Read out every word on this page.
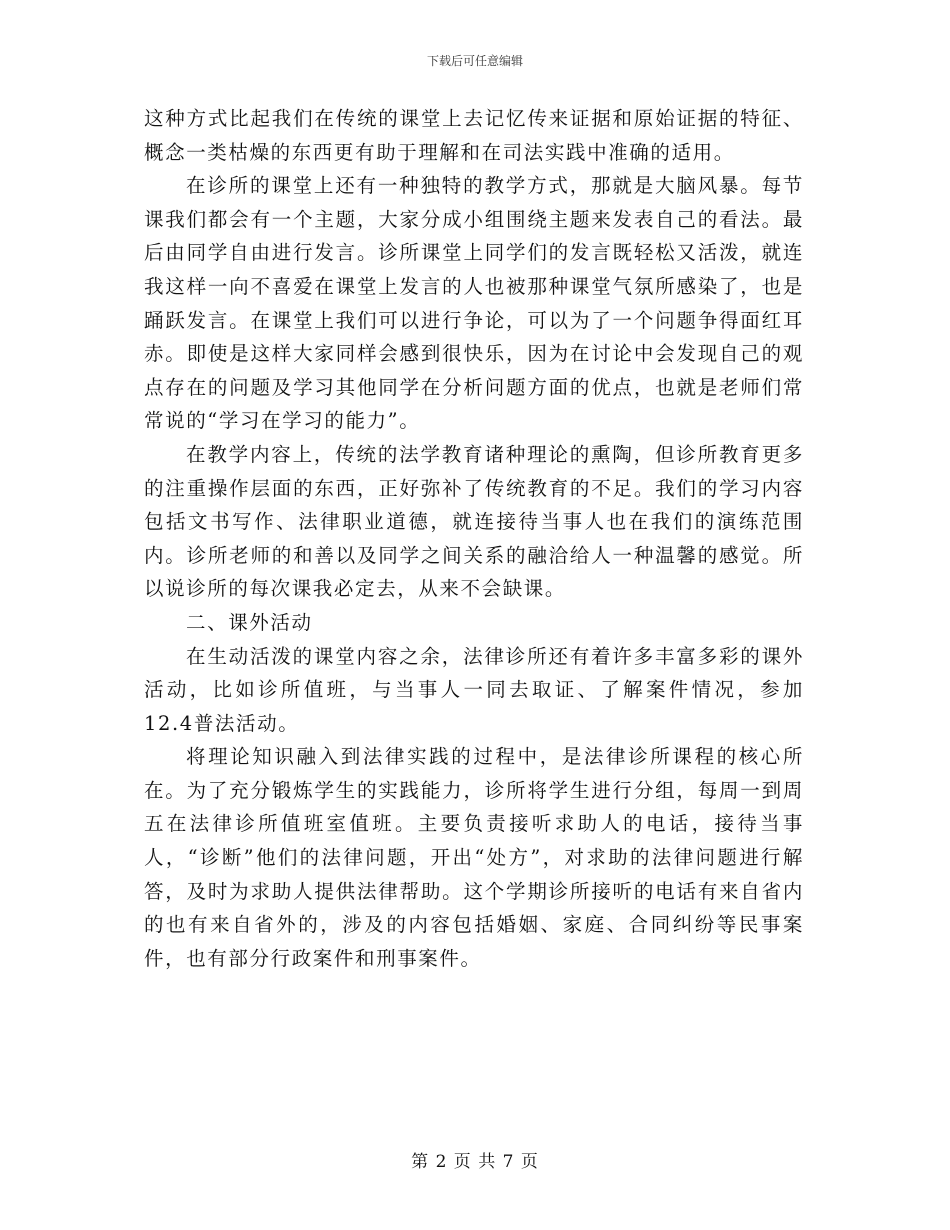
下载后可任意编辑

这种方式比起我们在传统的课堂上去记忆传来证据和原始证据的特征、概念一类枯燥的东西更有助于理解和在司法实践中准确的适用。

在诊所的课堂上还有一种独特的教学方式，那就是大脑风暴。每节课我们都会有一个主题，大家分成小组围绕主题来发表自己的看法。最后由同学自由进行发言。诊所课堂上同学们的发言既轻松又活泼，就连我这样一向不喜爱在课堂上发言的人也被那种课堂气氛所感染了，也是踊跃发言。在课堂上我们可以进行争论，可以为了一个问题争得面红耳赤。即使是这样大家同样会感到很快乐，因为在讨论中会发现自己的观点存在的问题及学习其他同学在分析问题方面的优点，也就是老师们常常说的“学习在学习的能力”。

在教学内容上，传统的法学教育诸种理论的熏陶，但诊所教育更多的注重操作层面的东西，正好弥补了传统教育的不足。我们的学习内容包括文书写作、法律职业道德，就连接待当事人也在我们的演练范围内。诊所老师的和善以及同学之间关系的融洽给人一种温馨的感觉。所以说诊所的每次课我必定去，从来不会缺课。

二、课外活动

在生动活泼的课堂内容之余，法律诊所还有着许多丰富多彩的课外活动，比如诊所值班，与当事人一同去取证、了解案件情况，参加12.4普法活动。

将理论知识融入到法律实践的过程中，是法律诊所课程的核心所在。为了充分锻炼学生的实践能力，诊所将学生进行分组，每周一到周五在法律诊所值班室值班。主要负责接听求助人的电话，接待当事人，“诊断”他们的法律问题，开出“处方”，对求助的法律问题进行解答，及时为求助人提供法律帮助。这个学期诊所接听的电话有来自省内的也有来自省外的，涉及的内容包括婚姻、家庭、合同纠纷等民事案件，也有部分行政案件和刑事案件。

第 2 页 共 7 页
